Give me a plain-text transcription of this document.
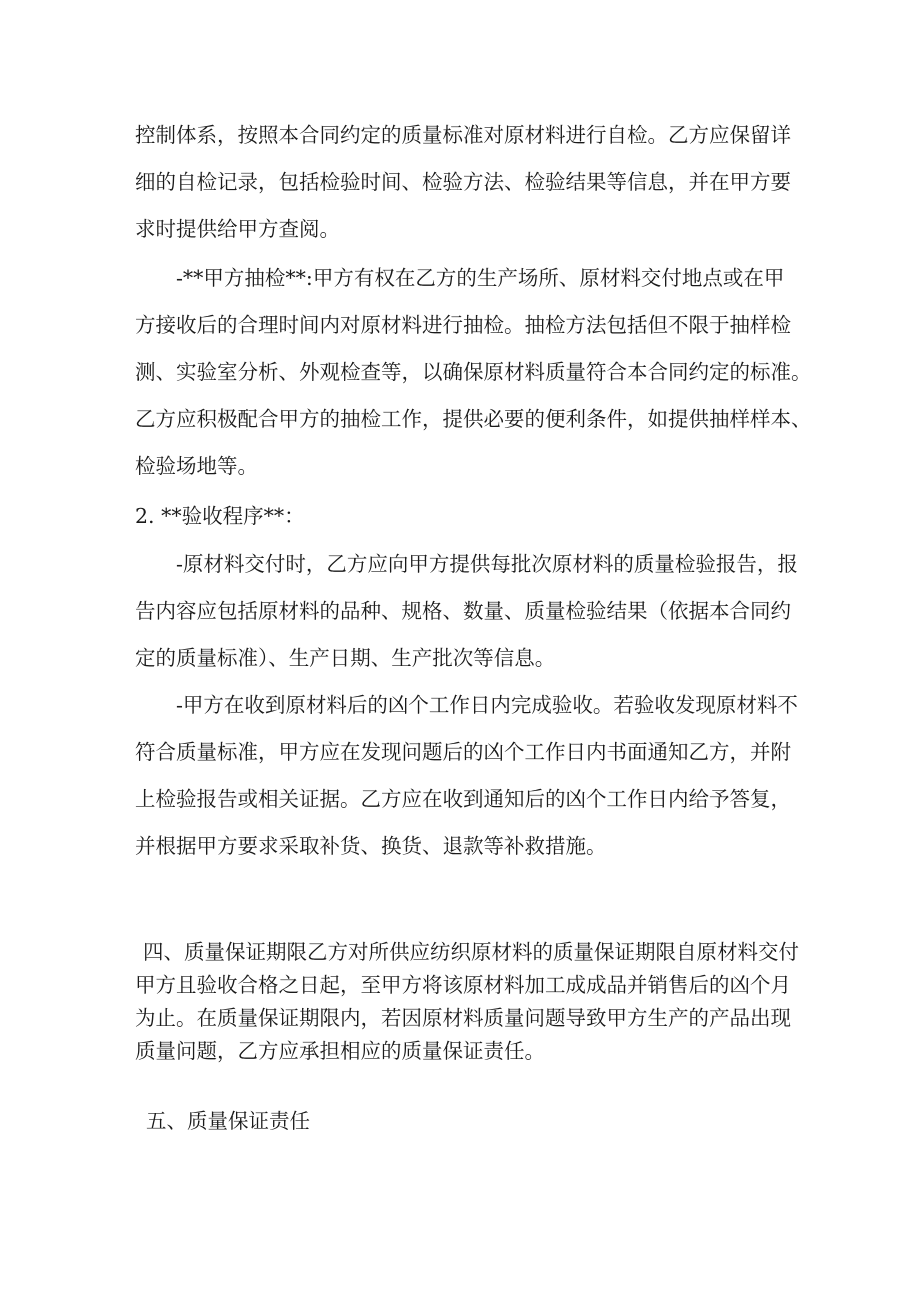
控制体系，按照本合同约定的质量标准对原材料进行自检。乙方应保留详
细的自检记录，包括检验时间、检验方法、检验结果等信息，并在甲方要
求时提供给甲方查阅。
-**甲方抽检**:甲方有权在乙方的生产场所、原材料交付地点或在甲
方接收后的合理时间内对原材料进行抽检。抽检方法包括但不限于抽样检
测、实验室分析、外观检查等，以确保原材料质量符合本合同约定的标准。
乙方应积极配合甲方的抽检工作，提供必要的便利条件，如提供抽样样本、
检验场地等。
2. **验收程序**：
-原材料交付时，乙方应向甲方提供每批次原材料的质量检验报告，报
告内容应包括原材料的品种、规格、数量、质量检验结果（依据本合同约
定的质量标准）、生产日期、生产批次等信息。
-甲方在收到原材料后的凶个工作日内完成验收。若验收发现原材料不
符合质量标准，甲方应在发现问题后的凶个工作日内书面通知乙方，并附
上检验报告或相关证据。乙方应在收到通知后的凶个工作日内给予答复，
并根据甲方要求采取补货、换货、退款等补救措施。
四、质量保证期限乙方对所供应纺织原材料的质量保证期限自原材料交付
甲方且验收合格之日起，至甲方将该原材料加工成成品并销售后的凶个月
为止。在质量保证期限内，若因原材料质量问题导致甲方生产的产品出现
质量问题，乙方应承担相应的质量保证责任。
五、质量保证责任
